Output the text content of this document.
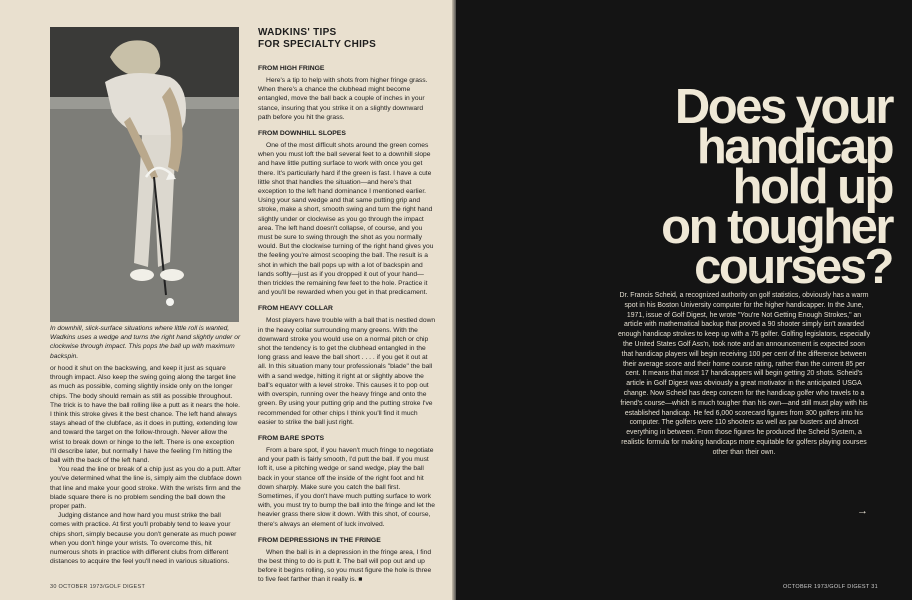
In downhill, slick-surface situations where little roll is wanted, Wadkins uses a wedge and turns the right hand slightly under or clockwise through impact. This pops the ball up with maximum backspin.

or hood it shut on the backswing, and keep it just as square through impact. Also keep the swing going along the target line as much as possible, coming slightly inside only on the longer chips. The body should remain as still as possible throughout. The trick is to have the ball rolling like a putt as it nears the hole. I think this stroke gives it the best chance. The left hand always stays ahead of the clubface, as it does in putting, extending low and toward the target on the follow-through. Never allow the wrist to break down or hinge to the left. There is one exception I'll describe later, but normally I have the feeling I'm hitting the ball with the back of the left hand.

You read the line or break of a chip just as you do a putt. After you've determined what the line is, simply aim the clubface down that line and make your good stroke. With the wrists firm and the blade square there is no problem sending the ball down the proper path.

Judging distance and how hard you must strike the ball comes with practice. At first you'll probably tend to leave your chips short, simply because you don't generate as much power when you don't hinge your wrists. To overcome this, hit numerous shots in practice with different clubs from different distances to acquire the feel you'll need in various situations.

WADKINS' TIPS
FOR SPECIALTY CHIPS
FROM HIGH FRINGE

Here's a tip to help with shots from higher fringe grass. When there's a chance the clubhead might become entangled, move the ball back a couple of inches in your stance, insuring that you strike it on a slightly downward path before you hit the grass.

FROM DOWNHILL SLOPES

One of the most difficult shots around the green comes when you must loft the ball several feet to a downhill slope and have little putting surface to work with once you get there. It's particularly hard if the green is fast. I have a cute little shot that handles the situation—and here's that exception to the left hand dominance I mentioned earlier. Using your sand wedge and that same putting grip and stroke, make a short, smooth swing and turn the right hand slightly under or clockwise as you go through the impact area. The left hand doesn't collapse, of course, and you must be sure to swing through the shot as you normally would. But the clockwise turning of the right hand gives you the feeling you're almost scooping the ball. The result is a shot in which the ball pops up with a lot of backspin and lands softly—just as if you dropped it out of your hand—then trickles the remaining few feet to the hole. Practice it and you'll be rewarded when you get in that predicament.

FROM HEAVY COLLAR

Most players have trouble with a ball that is nestled down in the heavy collar surrounding many greens. With the downward stroke you would use on a normal pitch or chip shot the tendency is to get the clubhead entangled in the long grass and leave the ball short . . . . if you get it out at all. In this situation many tour professionals "blade" the ball with a sand wedge, hitting it right at or slightly above the ball's equator with a level stroke. This causes it to pop out with overspin, running over the heavy fringe and onto the green. By using your putting grip and the putting stroke I've recommended for other chips I think you'll find it much easier to strike the ball just right.

FROM BARE SPOTS

From a bare spot, if you haven't much fringe to negotiate and your path is fairly smooth, I'd putt the ball. If you must loft it, use a pitching wedge or sand wedge, play the ball back in your stance off the inside of the right foot and hit down sharply. Make sure you catch the ball first. Sometimes, if you don't have much putting surface to work with, you must try to bump the ball into the fringe and let the heavier grass there slow it down. With this shot, of course, there's always an element of luck involved.

FROM DEPRESSIONS IN THE FRINGE

When the ball is in a depression in the fringe area, I find the best thing to do is putt it. The ball will pop out and up before it begins rolling, so you must figure the hole is three to five feet farther than it really is. ■

30 OCTOBER 1973/GOLF DIGEST	OCTOBER 1973/GOLF DIGEST 31
Does your
handicap
hold up
on tougher
courses?

Dr. Francis Scheid, a recognized authority on golf statistics, obviously has a warm spot in his Boston University computer for the higher handicapper. In the June, 1971, issue of Golf Digest, he wrote "You're Not Getting Enough Strokes," an article with mathematical backup that proved a 90 shooter simply isn't awarded enough handicap strokes to keep up with a 75 golfer. Golfing legislators, especially the United States Golf Ass'n, took note and an announcement is expected soon that handicap players will begin receiving 100 per cent of the difference between their average score and their home course rating, rather than the current 85 per cent. It means that most 17 handicappers will begin getting 20 shots. Scheid's article in Golf Digest was obviously a great motivator in the anticipated USGA change. Now Scheid has deep concern for the handicap golfer who travels to a friend's course—which is much tougher than his own—and still must play with his established handicap. He fed 6,000 scorecard figures from 300 golfers into his computer. The golfers were 110 shooters as well as par busters and almost everything in between. From those figures he produced the Scheid System, a realistic formula for making handicaps more equitable for golfers playing courses other than their own.

→
